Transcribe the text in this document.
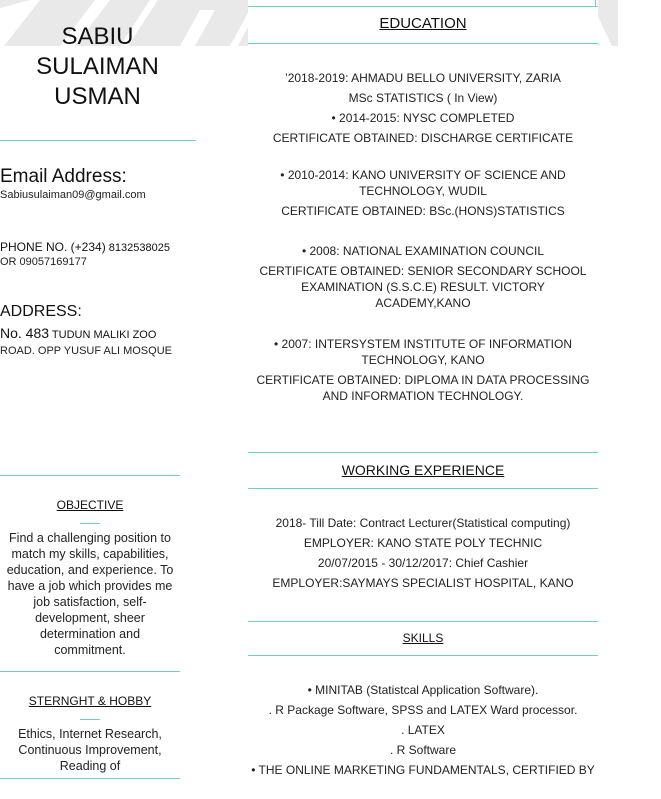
SABIU
SULAIMAN
USMAN
Email Address:
Sabiusulaiman09@gmail.com
PHONE NO. (+234) 8132538025
OR 09057169177
ADDRESS:
No. 483 TUDUN MALIKI ZOO
ROAD. OPP YUSUF ALI MOSQUE
OBJECTIVE
Find a challenging position to
match my skills, capabilities,
education, and experience. To
have a job which provides me
job satisfaction, self-
development, sheer
determination and
commitment.
STERNGHT & HOBBY
Ethics, Internet Research,
Continuous Improvement,
Reading of
EDUCATION
’2018-2019: AHMADU BELLO UNIVERSITY, ZARIA
MSc STATISTICS ( In View)
• 2014-2015: NYSC COMPLETED
CERTIFICATE OBTAINED: DISCHARGE CERTIFICATE
• 2010-2014: KANO UNIVERSITY OF SCIENCE AND
TECHNOLOGY, WUDIL
CERTIFICATE OBTAINED: BSc.(HONS)STATISTICS
• 2008: NATIONAL EXAMINATION COUNCIL
CERTIFICATE OBTAINED: SENIOR SECONDARY SCHOOL
EXAMINATION (S.S.C.E) RESULT. VICTORY
ACADEMY,KANO
• 2007: INTERSYSTEM INSTITUTE OF INFORMATION
TECHNOLOGY, KANO
CERTIFICATE OBTAINED: DIPLOMA IN DATA PROCESSING
AND INFORMATION TECHNOLOGY.
WORKING EXPERIENCE
2018- Till Date: Contract Lecturer(Statistical computing)
EMPLOYER: KANO STATE POLY TECHNIC
20/07/2015 - 30/12/2017: Chief Cashier
EMPLOYER:SAYMAYS SPECIALIST HOSPITAL, KANO
SKILLS
• MINITAB (Statistcal Application Software).
. R Package Software, SPSS and LATEX Ward processor.
. LATEX
. R Software
• THE ONLINE MARKETING FUNDAMENTALS, CERTIFIED BY
